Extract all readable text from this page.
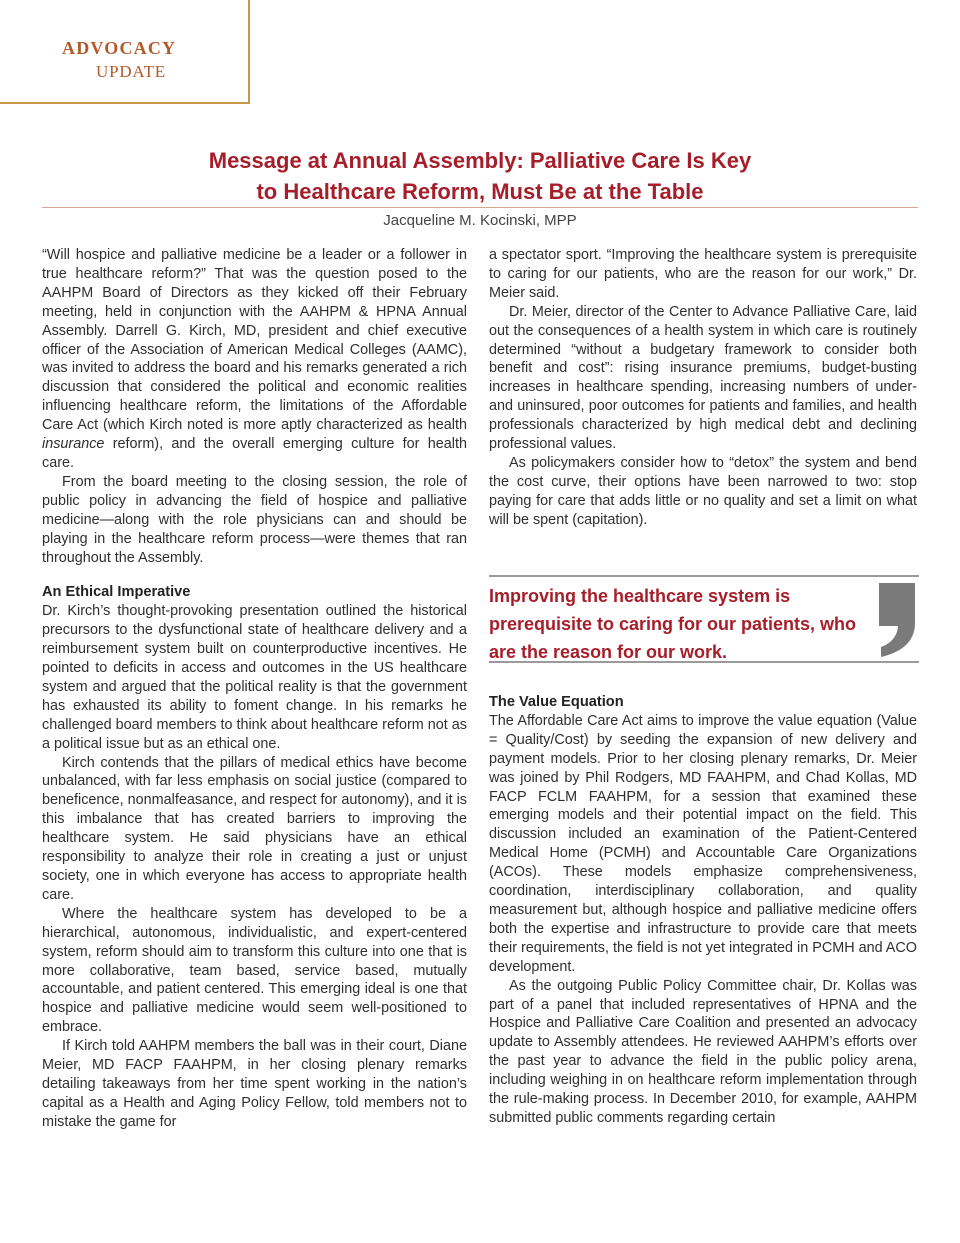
ADVOCACY
UPDATE
Message at Annual Assembly: Palliative Care Is Key
to Healthcare Reform, Must Be at the Table
Jacqueline M. Kocinski, MPP

“Will hospice and palliative medicine be a leader or a follower in true healthcare reform?” That was the question posed to the AAHPM Board of Directors as they kicked off their February meeting, held in conjunction with the AAHPM & HPNA Annual Assembly. Darrell G. Kirch, MD, president and chief executive officer of the Association of American Medical Colleges (AAMC), was invited to address the board and his remarks generated a rich discussion that considered the political and economic realities influencing healthcare reform, the limitations of the Affordable Care Act (which Kirch noted is more aptly characterized as health insurance reform), and the overall emerging culture for health care.

From the board meeting to the closing session, the role of public policy in advancing the field of hospice and palliative medicine—along with the role physicians can and should be playing in the healthcare reform process—were themes that ran throughout the Assembly.

An Ethical Imperative

Dr. Kirch’s thought-provoking presentation outlined the historical precursors to the dysfunctional state of healthcare delivery and a reimbursement system built on counterproductive incentives. He pointed to deficits in access and outcomes in the US healthcare system and argued that the political reality is that the government has exhausted its ability to foment change. In his remarks he challenged board members to think about healthcare reform not as a political issue but as an ethical one.

Kirch contends that the pillars of medical ethics have become unbalanced, with far less emphasis on social justice (compared to beneficence, nonmalfeasance, and respect for autonomy), and it is this imbalance that has created barriers to improving the healthcare system. He said physicians have an ethical responsibility to analyze their role in creating a just or unjust society, one in which everyone has access to appropriate health care.

Where the healthcare system has developed to be a hierarchical, autonomous, individualistic, and expert-centered system, reform should aim to transform this culture into one that is more collaborative, team based, service based, mutually accountable, and patient centered. This emerging ideal is one that hospice and palliative medicine would seem well-positioned to embrace.

If Kirch told AAHPM members the ball was in their court, Diane Meier, MD FACP FAAHPM, in her closing plenary remarks detailing takeaways from her time spent working in the nation’s capital as a Health and Aging Policy Fellow, told members not to mistake the game for

a spectator sport. “Improving the healthcare system is prerequisite to caring for our patients, who are the reason for our work,” Dr. Meier said.

Dr. Meier, director of the Center to Advance Palliative Care, laid out the consequences of a health system in which care is routinely determined “without a budgetary framework to consider both benefit and cost”: rising insurance premiums, budget-busting increases in healthcare spending, increasing numbers of under- and uninsured, poor outcomes for patients and families, and health professionals characterized by high medical debt and declining professional values.

As policymakers consider how to “detox” the system and bend the cost curve, their options have been narrowed to two: stop paying for care that adds little or no quality and set a limit on what will be spent (capitation).

Improving the healthcare system is prerequisite to caring for our patients, who are the reason for our work.
The Value Equation

The Affordable Care Act aims to improve the value equation (Value = Quality/Cost) by seeding the expansion of new delivery and payment models. Prior to her closing plenary remarks, Dr. Meier was joined by Phil Rodgers, MD FAAHPM, and Chad Kollas, MD FACP FCLM FAAHPM, for a session that examined these emerging models and their potential impact on the field. This discussion included an examination of the Patient-Centered Medical Home (PCMH) and Accountable Care Organizations (ACOs). These models emphasize comprehensiveness, coordination, interdisciplinary collaboration, and quality measurement but, although hospice and palliative medicine offers both the expertise and infrastructure to provide care that meets their requirements, the field is not yet integrated in PCMH and ACO development.

As the outgoing Public Policy Committee chair, Dr. Kollas was part of a panel that included representatives of HPNA and the Hospice and Palliative Care Coalition and presented an advocacy update to Assembly attendees. He reviewed AAHPM’s efforts over the past year to advance the field in the public policy arena, including weighing in on healthcare reform implementation through the rule-making process. In December 2010, for example, AAHPM submitted public comments regarding certain
